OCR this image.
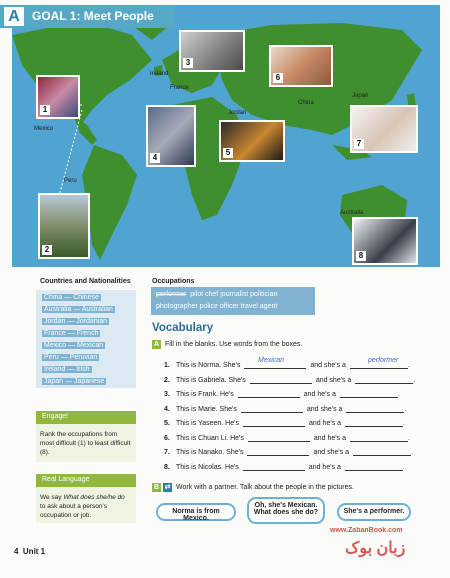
Ireland
France
Mexico
Jordan
China
Japan
Peru
Australia
1
2
3
4
5
6
7
8
A	GOAL 1: Meet People
Countries and Nationalities
China — Chinese
Australia — Australian
Jordan — Jordanian
France — French
Mexico — Mexican
Peru — Peruvian
Ireland — Irish
Japan — Japanese
Engage!
Rank the occupations from most difficult (1) to least difficult (8).
Real Language
We say What does she/he do to ask about a person's occupation or job.
Occupations
performer pilot chef journalist politician
photographer police officer travel agent
Vocabulary
A Fill in the blanks. Use words from the boxes.
Mexican	performer
1. This is Norma. She's	and she's a	.
2. This is Gabriela. She's	and she's a	.
3. This is Frank. He's	and he's a	.
4. This is Marie. She's	and she's a	.
5. This is Yaseen. He's	and he's a	.
6. This is Chuan Li. He's	and he's a	.
7. This is Nanako. She's	and she's a	.
8. This is Nicolas. He's	and he's a	.
B ⇄ Work with a partner. Talk about the people in the pictures.
Norma is from Mexico.
Oh, she's Mexican.
What does she do?	She's a performer.
4 Unit 1
www.ZabanBook.com
زبان بوک
